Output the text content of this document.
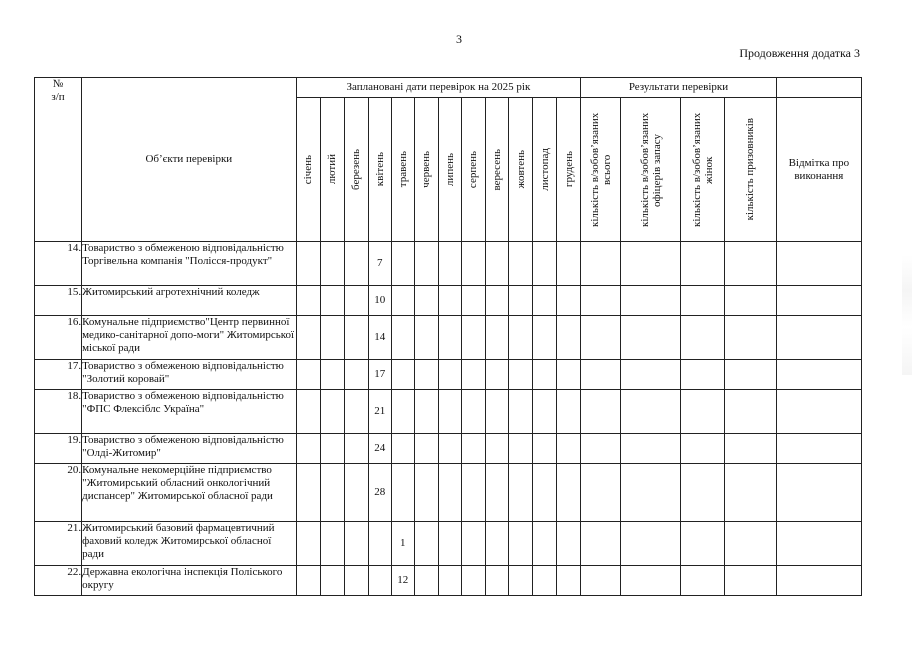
3
Продовження додатка 3
№
з/п	Об’єкти перевірки	Заплановані дати перевірок на 2025 рік												Результати перевірки				

		січень	лютий	березень	квітень	травень	червень	липень	серпень	вересень	жовтень	листопад	грудень	кількість в/зобов’язаних всього	кількість в/зобов’язаних офіцерів запасу	кількість в/зобов’язаних жінок	кількість призовників	Відмітка про виконання
14.	Товариство з обмеженою відповідальністю Торгівельна компанія "Полісся-продукт"				7													
15.	Житомирський агротехнічний коледж				10													
16.	Комунальне підприємство"Центр первинної медико-санітарної допо-моги" Житомирської міської ради				14													
17.	Товариство з обмеженою відповідальністю "Золотий коровай"				17													
18.	Товариство з обмеженою відповідальністю "ФПС Флексіблс Україна"				21													
19.	Товариство з обмеженою відповідальністю "Олді-Житомир"				24													
20.	Комунальне некомерційне підприємство "Житомирський обласний онкологічний диспансер" Житомирської обласної ради				28													
21.	Житомирський базовий фармацевтичний фаховий коледж Житомирської обласної ради					1												
22.	Державна екологічна інспекція Поліського округу					12												
